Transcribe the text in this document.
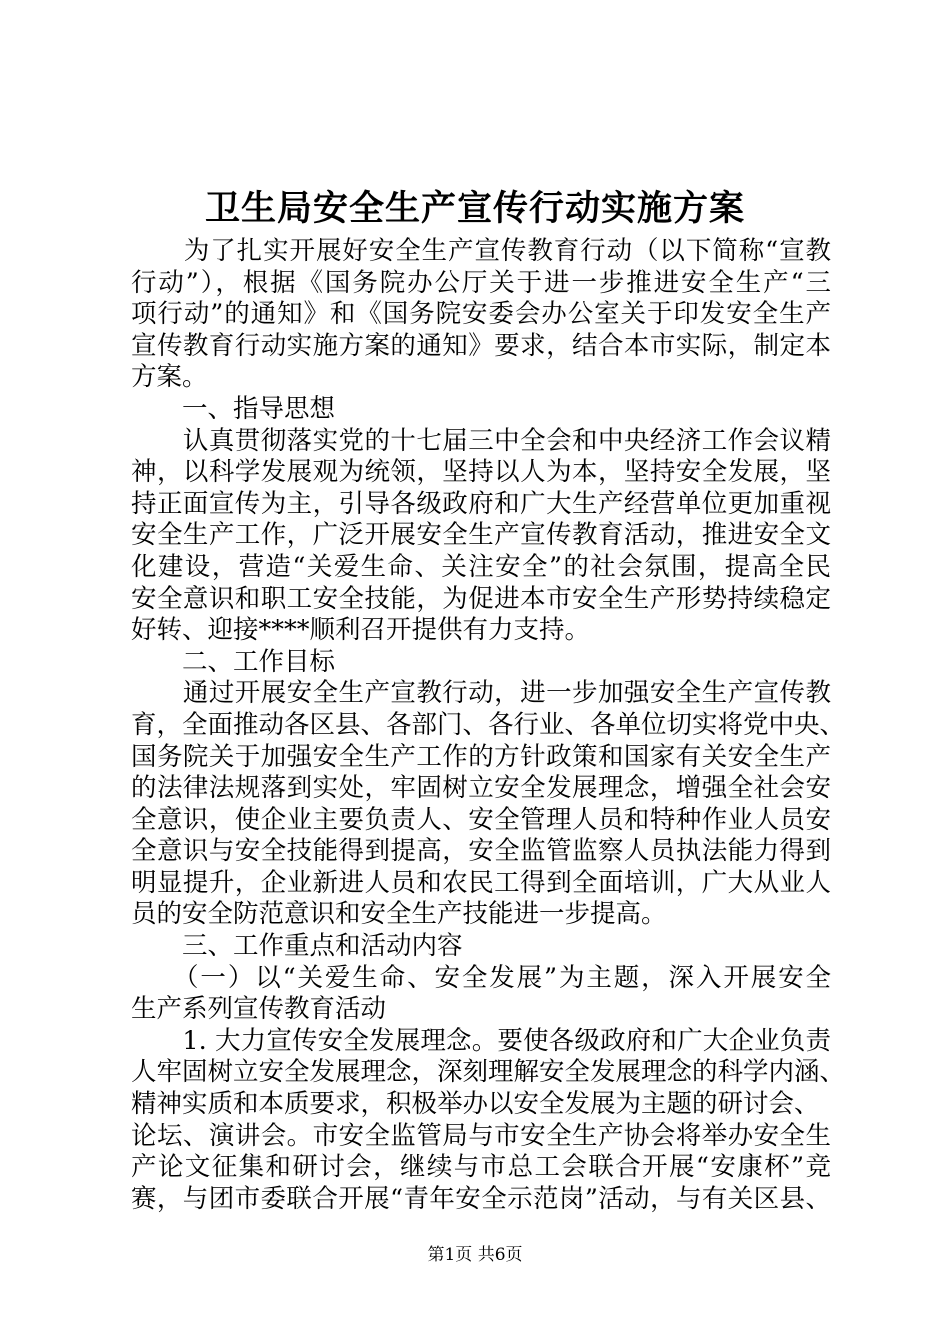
卫生局安全生产宣传行动实施方案
　　为了扎实开展好安全生产宣传教育行动（以下简称“宣教
行动”），根据《国务院办公厅关于进一步推进安全生产“三
项行动”的通知》和《国务院安委会办公室关于印发安全生产
宣传教育行动实施方案的通知》要求，结合本市实际，制定本
方案。
　　一、指导思想
　　认真贯彻落实党的十七届三中全会和中央经济工作会议精
神，以科学发展观为统领，坚持以人为本，坚持安全发展，坚
持正面宣传为主，引导各级政府和广大生产经营单位更加重视
安全生产工作，广泛开展安全生产宣传教育活动，推进安全文
化建设，营造“关爱生命、关注安全”的社会氛围，提高全民
安全意识和职工安全技能，为促进本市安全生产形势持续稳定
好转、迎接****顺利召开提供有力支持。
　　二、工作目标
　　通过开展安全生产宣教行动，进一步加强安全生产宣传教
育，全面推动各区县、各部门、各行业、各单位切实将党中央、
国务院关于加强安全生产工作的方针政策和国家有关安全生产
的法律法规落到实处，牢固树立安全发展理念，增强全社会安
全意识，使企业主要负责人、安全管理人员和特种作业人员安
全意识与安全技能得到提高，安全监管监察人员执法能力得到
明显提升，企业新进人员和农民工得到全面培训，广大从业人
员的安全防范意识和安全生产技能进一步提高。
　　三、工作重点和活动内容
　　（一）以“关爱生命、安全发展”为主题，深入开展安全
生产系列宣传教育活动
　　1. 大力宣传安全发展理念。要使各级政府和广大企业负责
人牢固树立安全发展理念，深刻理解安全发展理念的科学内涵、
精神实质和本质要求，积极举办以安全发展为主题的研讨会、
论坛、演讲会。市安全监管局与市安全生产协会将举办安全生
产论文征集和研讨会，继续与市总工会联合开展“安康杯”竞
赛，与团市委联合开展“青年安全示范岗”活动，与有关区县、
第1页 共6页
